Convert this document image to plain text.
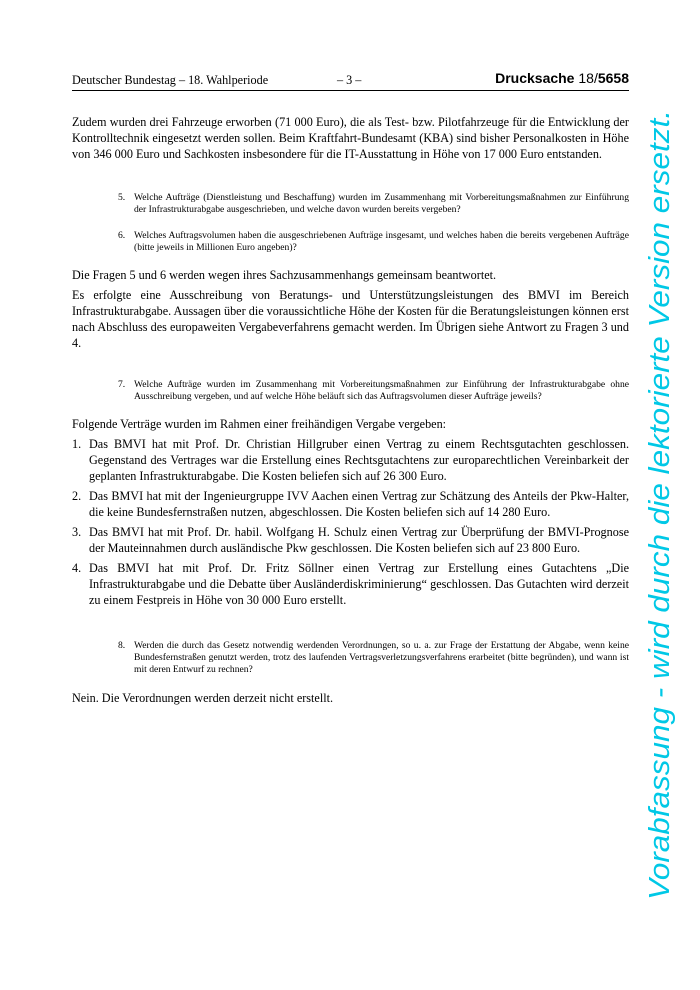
Deutscher Bundestag – 18. Wahlperiode	– 3 –	Drucksache 18/5658

Zudem wurden drei Fahrzeuge erworben (71 000 Euro), die als Test- bzw. Pilotfahrzeuge für die Entwicklung der Kontrolltechnik eingesetzt werden sollen. Beim Kraftfahrt-Bundesamt (KBA) sind bisher Personalkosten in Höhe von 346 000 Euro und Sachkosten insbesondere für die IT-Ausstattung in Höhe von 17 000 Euro entstanden.

5. Welche Aufträge (Dienstleistung und Beschaffung) wurden im Zusammenhang mit Vorbereitungsmaßnahmen zur Einführung der Infrastrukturabgabe ausgeschrieben, und welche davon wurden bereits vergeben?
6. Welches Auftragsvolumen haben die ausgeschriebenen Aufträge insgesamt, und welches haben die bereits vergebenen Aufträge (bitte jeweils in Millionen Euro angeben)?

Die Fragen 5 und 6 werden wegen ihres Sachzusammenhangs gemeinsam beantwortet.

Es erfolgte eine Ausschreibung von Beratungs- und Unterstützungsleistungen des BMVI im Bereich Infrastrukturabgabe. Aussagen über die voraussichtliche Höhe der Kosten für die Beratungsleistungen können erst nach Abschluss des europaweiten Vergabeverfahrens gemacht werden. Im Übrigen siehe Antwort zu Fragen 3 und 4.

7. Welche Aufträge wurden im Zusammenhang mit Vorbereitungsmaßnahmen zur Einführung der Infrastrukturabgabe ohne Ausschreibung vergeben, und auf welche Höhe beläuft sich das Auftragsvolumen dieser Aufträge jeweils?

Folgende Verträge wurden im Rahmen einer freihändigen Vergabe vergeben:

1. Das BMVI hat mit Prof. Dr. Christian Hillgruber einen Vertrag zu einem Rechtsgutachten geschlossen. Gegenstand des Vertrages war die Erstellung eines Rechtsgutachtens zur europarechtlichen Vereinbarkeit der geplanten Infrastrukturabgabe. Die Kosten beliefen sich auf 26 300 Euro.
2. Das BMVI hat mit der Ingenieurgruppe IVV Aachen einen Vertrag zur Schätzung des Anteils der Pkw-Halter, die keine Bundesfernstraßen nutzen, abgeschlossen. Die Kosten beliefen sich auf 14 280 Euro.
3. Das BMVI hat mit Prof. Dr. habil. Wolfgang H. Schulz einen Vertrag zur Überprüfung der BMVI-Prognose der Mauteinnahmen durch ausländische Pkw geschlossen. Die Kosten beliefen sich auf 23 800 Euro.
4. Das BMVI hat mit Prof. Dr. Fritz Söllner einen Vertrag zur Erstellung eines Gutachtens „Die Infrastrukturabgabe und die Debatte über Ausländerdiskriminierung“ geschlossen. Das Gutachten wird derzeit zu einem Festpreis in Höhe von 30 000 Euro erstellt.
8. Werden die durch das Gesetz notwendig werdenden Verordnungen, so u. a. zur Frage der Erstattung der Abgabe, wenn keine Bundesfernstraßen genutzt werden, trotz des laufenden Vertragsverletzungsverfahrens erarbeitet (bitte begründen), und wann ist mit deren Entwurf zu rechnen?

Nein. Die Verordnungen werden derzeit nicht erstellt.	Vorabfassung - wird durch die lektorierte Version ersetzt.
